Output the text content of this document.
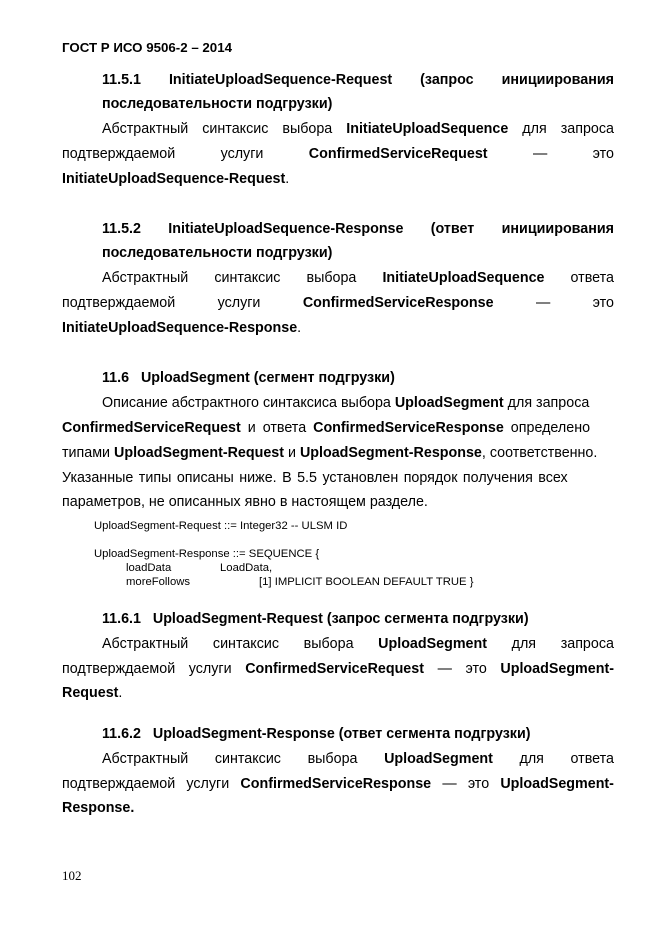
ГОСТ Р ИСО 9506-2 – 2014
11.5.1 InitiateUploadSequence-Request (запрос инициирования
последовательности подгрузки)
Абстрактный синтаксис выбора InitiateUploadSequence для запроса
подтверждаемой	услуги	ConfirmedServiceRequest	—	это
InitiateUploadSequence-Request.
11.5.2 InitiateUploadSequence-Response (ответ инициирования
последовательности подгрузки)
Абстрактный синтаксис выбора InitiateUploadSequence ответа
подтверждаемой	услуги	ConfirmedServiceResponse	—	это
InitiateUploadSequence-Response.
11.6   UploadSegment (сегмент подгрузки)
Описание абстрактного синтаксиса выбора UploadSegment для запроса
ConfirmedServiceRequest и ответа ConfirmedServiceResponse определено
типами UploadSegment-Request и UploadSegment-Response, соответственно.
Указанные типы описаны ниже. В 5.5 установлен порядок получения всех
параметров, не описанных явно в настоящем разделе.
UploadSegment-Request ::= Integer32 -- ULSM ID
UploadSegment-Response ::= SEQUENCE {
loadData	LoadData,
moreFollows	[1] IMPLICIT BOOLEAN DEFAULT TRUE }
11.6.1   UploadSegment-Request (запрос сегмента подгрузки)
Абстрактный синтаксис выбора UploadSegment для запроса
подтверждаемой услуги ConfirmedServiceRequest — это UploadSegment-
Request.
11.6.2   UploadSegment-Response (ответ сегмента подгрузки)
Абстрактный синтаксис выбора UploadSegment для ответа
подтверждаемой услуги ConfirmedServiceResponse — это UploadSegment-
Response.
102
